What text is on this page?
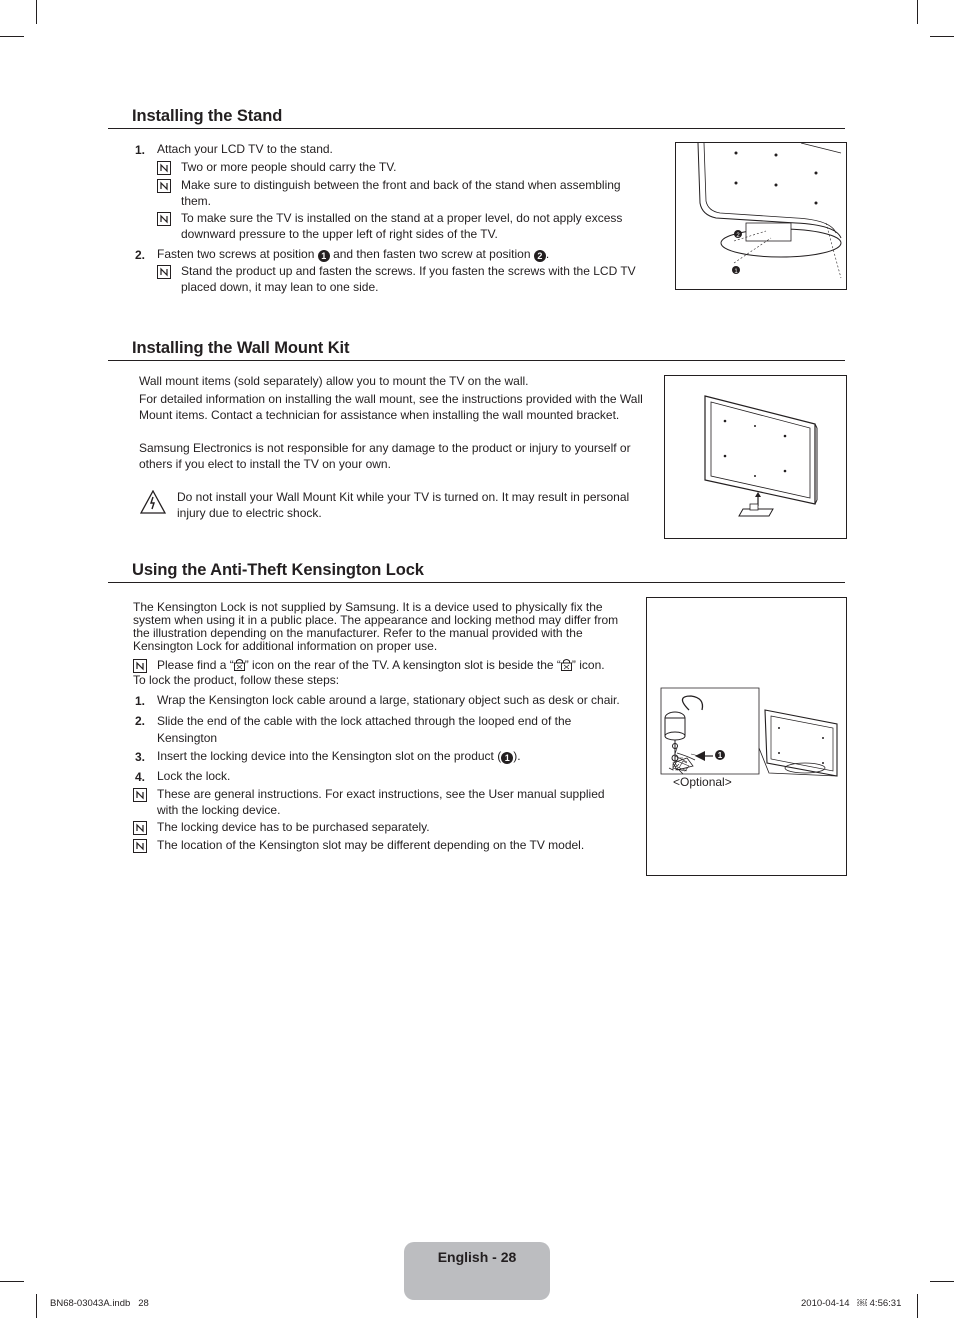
Installing the Stand
1. Attach your LCD TV to the stand.
Two or more people should carry the TV.
Make sure to distinguish between the front and back of the stand when assembling them.
To make sure the TV is installed on the stand at a proper level, do not apply excess downward pressure to the upper left of right sides of the TV.
2. Fasten two screws at position 1 and then fasten two screw at position 2 .
Stand the product up and fasten the screws. If you fasten the screws with the LCD TV placed down, it may lean to one side.
2
1
Installing the Wall Mount Kit
Wall mount items (sold separately) allow you to mount the TV on the wall.
For detailed information on installing the wall mount, see the instructions provided with the Wall Mount items. Contact a technician for assistance when installing the wall mounted bracket.
Samsung Electronics is not responsible for any damage to the product or injury to yourself or others if you elect to install the TV on your own.
Do not install your Wall Mount Kit while your TV is turned on. It may result in personal injury due to electric shock.
Using the Anti-Theft Kensington Lock
The Kensington Lock is not supplied by Samsung. It is a device used to physically fix the system when using it in a public place. The appearance and locking method may differ from the illustration depending on the manufacturer. Refer to the manual provided with the Kensington Lock for additional information on proper use.
Please find a “ ” icon on the rear of the TV. A kensington slot is beside the “ ” icon.
To lock the product, follow these steps:
1. Wrap the Kensington lock cable around a large, stationary object such as desk or chair.
2. Slide the end of the cable with the lock attached through the looped end of the Kensington
3. Insert the locking device into the Kensington slot on the product ( 1 ).
4. Lock the lock.
These are general instructions. For exact instructions, see the User manual supplied with the locking device.
The locking device has to be purchased separately.
The location of the Kensington slot may be different depending on the TV model.
1
<Optional>
English - 28
BN68-03043A.indb   28	2010-04-14   ￼ 4:56:31
